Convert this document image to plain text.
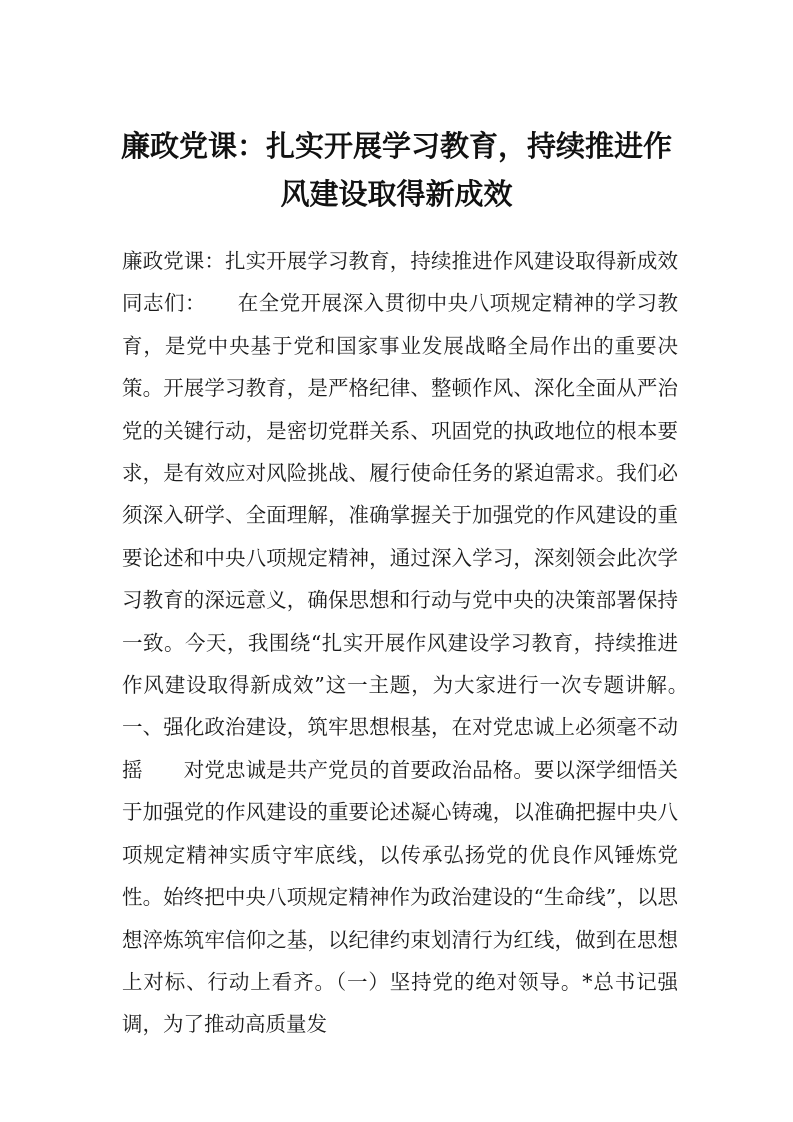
廉政党课：扎实开展学习教育，持续推进作
风建设取得新成效

廉政党课：扎实开展学习教育，持续推进作风建设取得新成效　　同志们：　　在全党开展深入贯彻中央八项规定精神的学习教育，是党中央基于党和国家事业发展战略全局作出的重要决策。开展学习教育，是严格纪律、整顿作风、深化全面从严治党的关键行动，是密切党群关系、巩固党的执政地位的根本要求，是有效应对风险挑战、履行使命任务的紧迫需求。我们必须深入研学、全面理解，准确掌握关于加强党的作风建设的重要论述和中央八项规定精神，通过深入学习，深刻领会此次学习教育的深远意义，确保思想和行动与党中央的决策部署保持一致。今天，我围绕“扎实开展作风建设学习教育，持续推进作风建设取得新成效”这一主题，为大家进行一次专题讲解。　　一、强化政治建设，筑牢思想根基，在对党忠诚上必须毫不动摇　　对党忠诚是共产党员的首要政治品格。要以深学细悟关于加强党的作风建设的重要论述凝心铸魂，以准确把握中央八项规定精神实质守牢底线，以传承弘扬党的优良作风锤炼党性。始终把中央八项规定精神作为政治建设的“生命线”，以思想淬炼筑牢信仰之基，以纪律约束划清行为红线，做到在思想上对标、行动上看齐。（一）坚持党的绝对领导。*总书记强调，为了推动高质量发
